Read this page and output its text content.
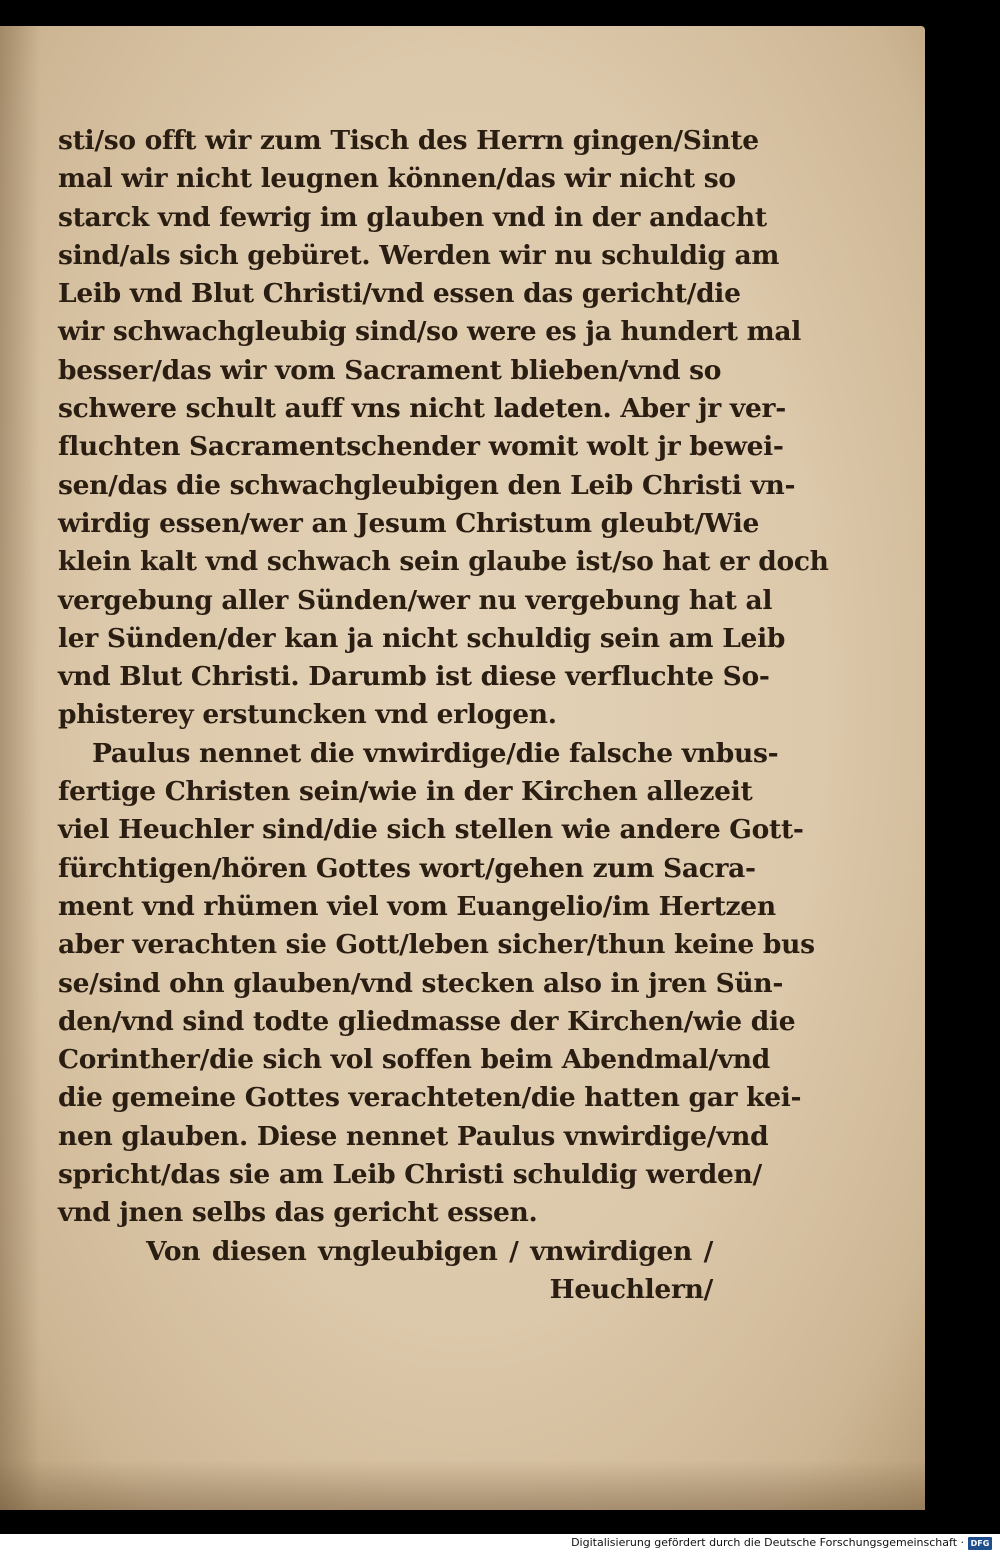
sti/so offt wir zum Tisch des Herrn gingen/Sinte
mal wir nicht leugnen können/das wir nicht so
starck vnd fewrig im glauben vnd in der andacht
sind/als sich gebüret. Werden wir nu schuldig am
Leib vnd Blut Christi/vnd essen das gericht/die
wir schwachgleubig sind/so were es ja hundert mal
besser/das wir vom Sacrament blieben/vnd so
schwere schult auff vns nicht ladeten. Aber jr ver-
fluchten Sacramentschender womit wolt jr bewei-
sen/das die schwachgleubigen den Leib Christi vn-
wirdig essen/wer an Jesum Christum gleubt/Wie
klein kalt vnd schwach sein glaube ist/so hat er doch
vergebung aller Sünden/wer nu vergebung hat al
ler Sünden/der kan ja nicht schuldig sein am Leib
vnd Blut Christi. Darumb ist diese verfluchte So-
phisterey erstuncken vnd erlogen.
Paulus nennet die vnwirdige/die falsche vnbus-
fertige Christen sein/wie in der Kirchen allezeit
viel Heuchler sind/die sich stellen wie andere Gott-
fürchtigen/hören Gottes wort/gehen zum Sacra-
ment vnd rhümen viel vom Euangelio/im Hertzen
aber verachten sie Gott/leben sicher/thun keine bus
se/sind ohn glauben/vnd stecken also in jren Sün-
den/vnd sind todte gliedmasse der Kirchen/wie die
Corinther/die sich vol soffen beim Abendmal/vnd
die gemeine Gottes verachteten/die hatten gar kei-
nen glauben. Diese nennet Paulus vnwirdige/vnd
spricht/das sie am Leib Christi schuldig werden/
vnd jnen selbs das gericht essen.
Von diesen vngleubigen / vnwirdigen /
Heuchlern/
Digitalisierung gefördert durch die Deutsche Forschungsgemeinschaft · DFG
